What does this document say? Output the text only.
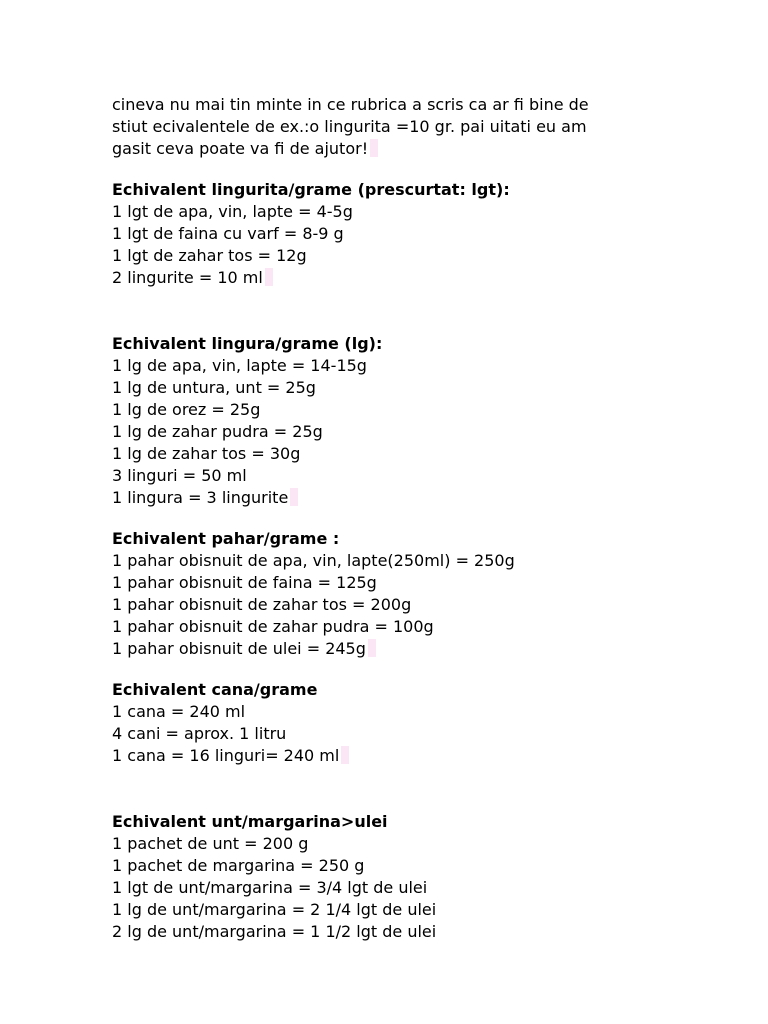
cineva nu mai tin minte in ce rubrica a scris ca ar fi bine de
stiut ecivalentele de ex.:o lingurita =10 gr. pai uitati eu am
gasit ceva poate va fi de ajutor!
Echivalent lingurita/grame (prescurtat: lgt):
1 lgt de apa, vin, lapte = 4-5g
1 lgt de faina cu varf = 8-9 g
1 lgt de zahar tos = 12g
2 lingurite = 10 ml
Echivalent lingura/grame (lg):
1 lg de apa, vin, lapte = 14-15g
1 lg de untura, unt = 25g
1 lg de orez = 25g
1 lg de zahar pudra = 25g
1 lg de zahar tos = 30g
3 linguri = 50 ml
1 lingura = 3 lingurite
Echivalent pahar/grame :
1 pahar obisnuit de apa, vin, lapte(250ml) = 250g
1 pahar obisnuit de faina = 125g
1 pahar obisnuit de zahar tos = 200g
1 pahar obisnuit de zahar pudra = 100g
1 pahar obisnuit de ulei = 245g
Echivalent cana/grame
1 cana = 240 ml
4 cani = aprox. 1 litru
1 cana = 16 linguri= 240 ml
Echivalent unt/margarina>ulei
1 pachet de unt = 200 g
1 pachet de margarina = 250 g
1 lgt de unt/margarina = 3/4 lgt de ulei
1 lg de unt/margarina = 2 1/4 lgt de ulei
2 lg de unt/margarina = 1 1/2 lgt de ulei
